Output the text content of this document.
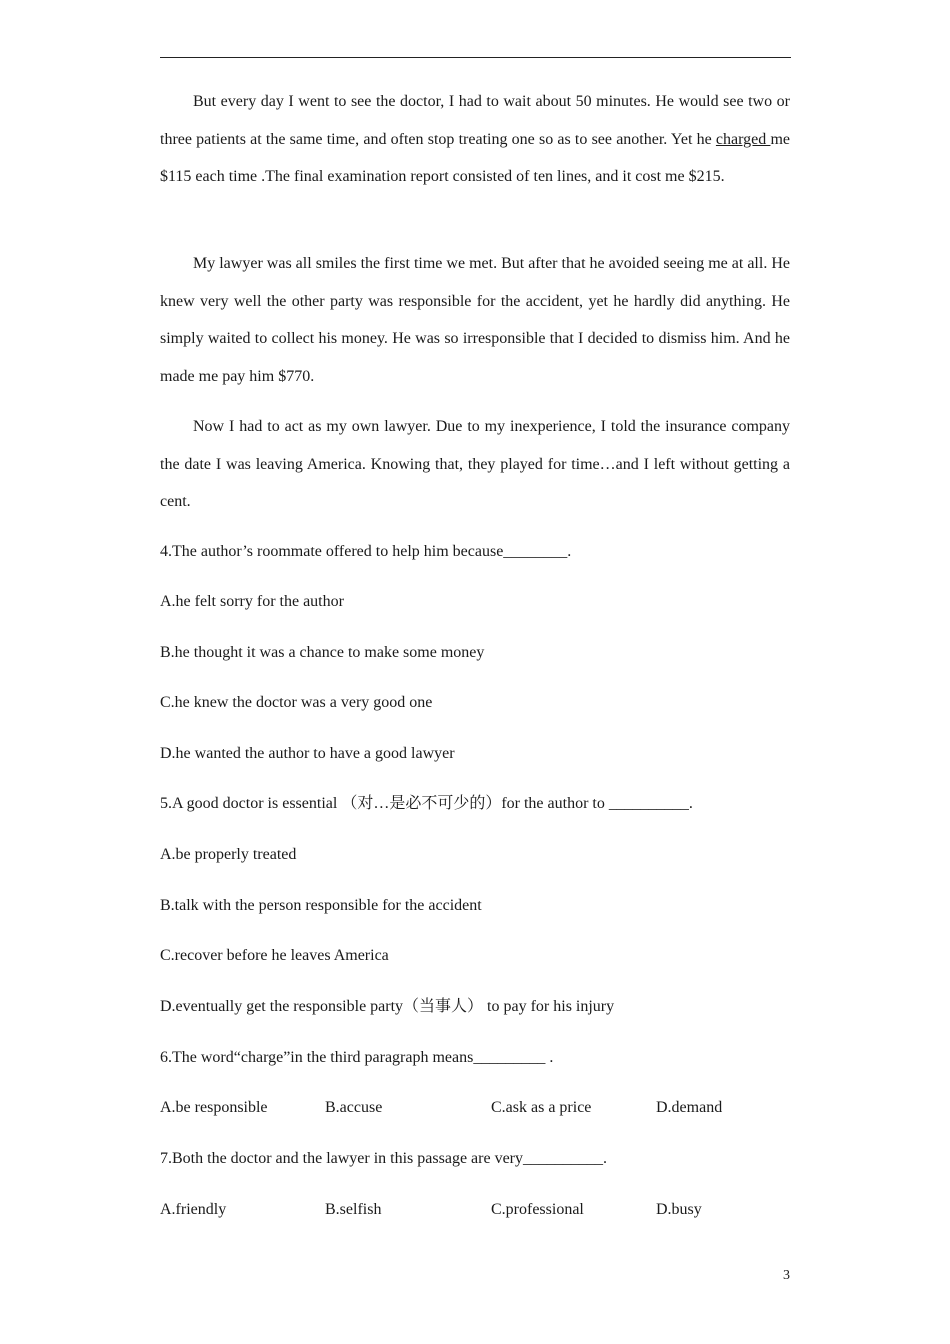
But every day I went to see the doctor, I had to wait about 50 minutes. He would see two or three patients at the same time, and often stop treating one so as to see another. Yet he charged me $115 each time .The final examination report consisted of ten lines, and it cost me $215.

My lawyer was all smiles the first time we met. But after that he avoided seeing me at all. He knew very well the other party was responsible for the accident, yet he hardly did anything. He simply waited to collect his money. He was so irresponsible that I decided to dismiss him. And he made me pay him $770.

Now I had to act as my own lawyer. Due to my inexperience, I told the insurance company the date I was leaving America. Knowing that, they played for time…and I left without getting a cent.

4.The author’s roommate offered to help him because________.
A.he felt sorry for the author
B.he thought it was a chance to make some money
C.he knew the doctor was a very good one
D.he wanted the author to have a good lawyer
5.A good doctor is essential （对…是必不可少的）for the author to __________.
A.be properly treated
B.talk with the person responsible for the accident
C.recover before he leaves America
D.eventually get the responsible party（当事人） to pay for his injury
6.The word“charge”in the third paragraph means_________ .
A.be responsible	B.accuse	C.ask as a price	D.demand
7.Both the doctor and the lawyer in this passage are very__________.
A.friendly	B.selfish	C.professional	D.busy
3
